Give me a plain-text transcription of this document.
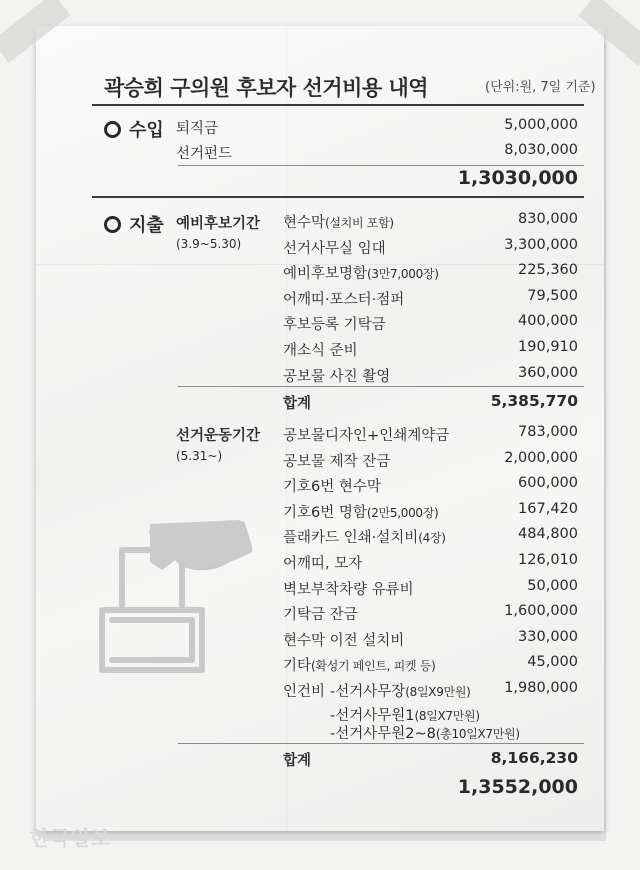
곽승희 구의원 후보자 선거비용 내역	(단위:원, 7일 기준)
수입 퇴직금	5,000,000
선거펀드	8,030,000
1,3030,000
지출 예비후보기간
(3.9~5.30)
현수막(설치비 포함)	830,000
선거사무실 임대	3,300,000
예비후보명함(3만7,000장)	225,360
어깨띠·포스터·점퍼	79,500
후보등록 기탁금	400,000
개소식 준비	190,910
공보물 사진 촬영	360,000
합계	5,385,770
선거운동기간
(5.31~)
공보물디자인+인쇄계약금	783,000
공보물 제작 잔금	2,000,000
기호6번 현수막	600,000
기호6번 명함(2만5,000장)	167,420
플래카드 인쇄·설치비(4장)	484,800
어깨띠, 모자	126,010
벽보부착차량 유류비	50,000
기탁금 잔금	1,600,000
현수막 이전 설치비	330,000
기타(확성기 페인트, 피켓 등)	45,000
인건비 -선거사무장(8일X9만원)	1,980,000
-선거사무원1(8일X7만원)
-선거사무원2~8(총10일X7만원)
합계	8,166,230
1,3552,000
한국일보
